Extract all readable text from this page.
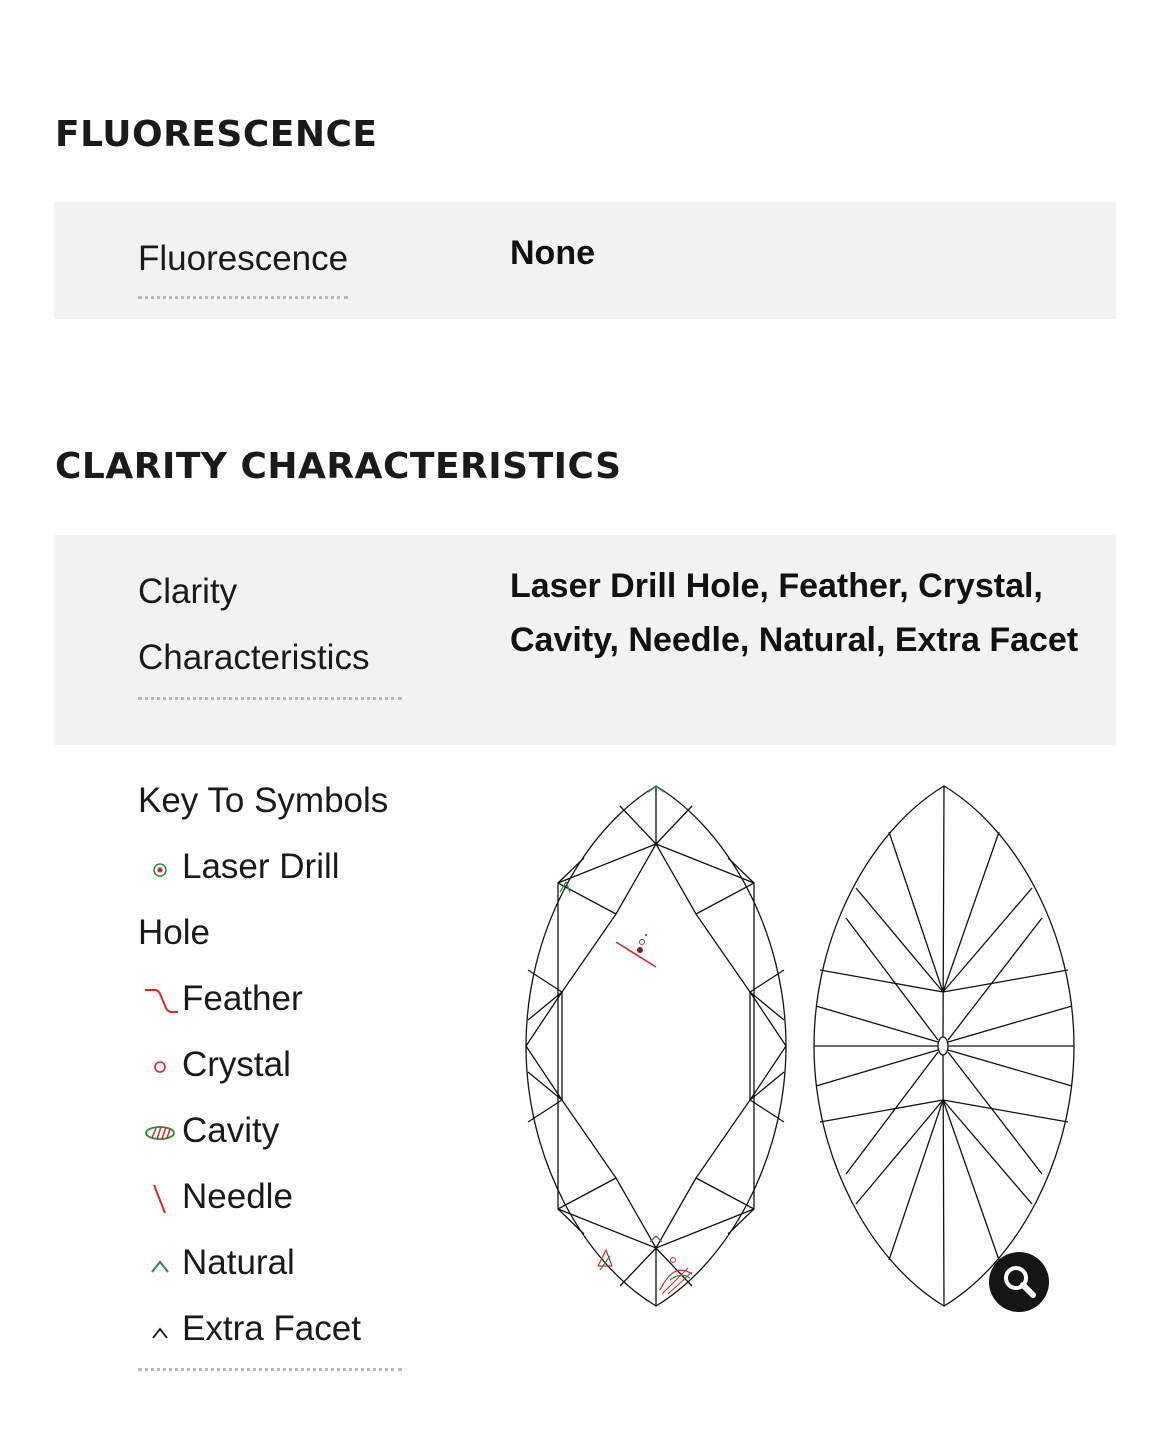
FLUORESCENCE
Fluorescence	None
CLARITY CHARACTERISTICS
Clarity
Characteristics
Laser Drill Hole, Feather, Crystal, Cavity, Needle, Natural, Extra Facet
Key To Symbols
Laser Drill
Hole
Feather
Crystal
Cavity
Needle
Natural
Extra Facet
